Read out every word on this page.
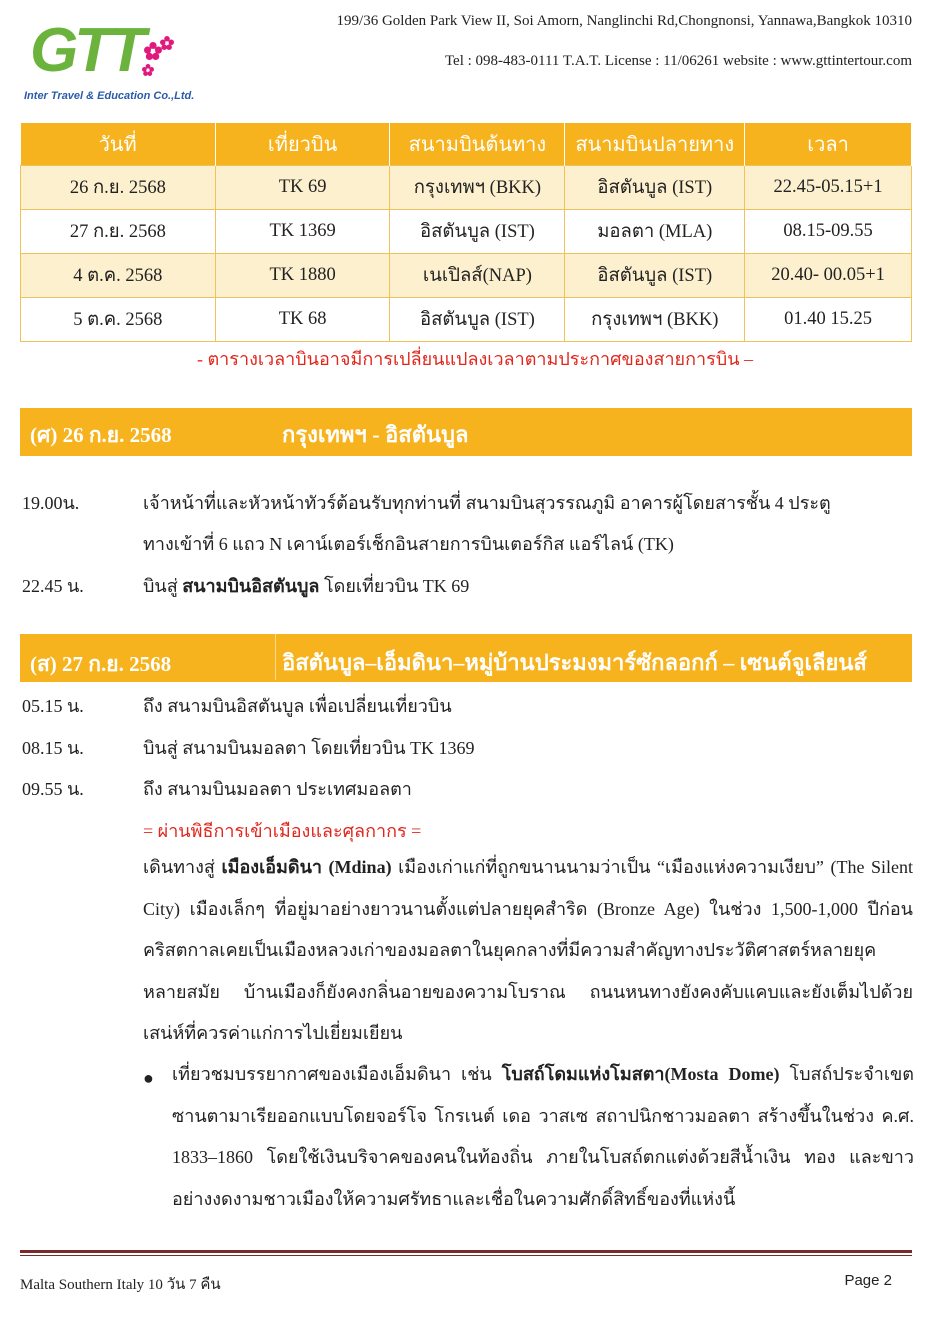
GTT
Inter Travel & Education Co.,Ltd.
199/36 Golden Park View II, Soi Amorn, Nanglinchi Rd,Chongnonsi, Yannawa,Bangkok 10310
Tel : 098-483-0111 T.A.T. License : 11/06261 website : www.gttintertour.com
วันที่	เที่ยวบิน	สนามบินต้นทาง	สนามบินปลายทาง	เวลา
26 ก.ย. 2568	TK 69	กรุงเทพฯ (BKK)	อิสตันบูล (IST)	22.45-05.15+1
27 ก.ย. 2568	TK 1369	อิสตันบูล (IST)	มอลตา (MLA)	08.15-09.55
4 ต.ค. 2568	TK 1880	เนเปิลส์(NAP)	อิสตันบูล (IST)	20.40- 00.05+1
5 ต.ค. 2568	TK 68	อิสตันบูล (IST)	กรุงเทพฯ (BKK)	01.40 15.25
- ตารางเวลาบินอาจมีการเปลี่ยนแปลงเวลาตามประกาศของสายการบิน –
(ศ) 26 ก.ย. 2568	กรุงเทพฯ - อิสตันบูล
19.00น.	เจ้าหน้าที่และหัวหน้าทัวร์ต้อนรับทุกท่านที่ สนามบินสุวรรณภูมิ อาคารผู้โดยสารชั้น 4 ประตู
ทางเข้าที่ 6 แถว N เคาน์เตอร์เช็กอินสายการบินเตอร์กิส แอร์ไลน์ (TK)
22.45 น.	บินสู่ สนามบินอิสตันบูล โดยเที่ยวบิน TK 69
(ส) 27 ก.ย. 2568	อิสตันบูล–เอ็มดินา–หมู่บ้านประมงมาร์ซักลอกก์ – เซนต์จูเลียนส์
05.15 น.	ถึง สนามบินอิสตันบูล เพื่อเปลี่ยนเที่ยวบิน
08.15 น.	บินสู่ สนามบินมอลตา โดยเที่ยวบิน TK 1369
09.55 น.	ถึง สนามบินมอลตา ประเทศมอลตา
= ผ่านพิธีการเข้าเมืองและศุลกากร =
เดินทางสู่ เมืองเอ็มดินา (Mdina) เมืองเก่าแก่ที่ถูกขนานนามว่าเป็น “เมืองแห่งความเงียบ” (The Silent City) เมืองเล็กๆ ที่อยู่มาอย่างยาวนานตั้งแต่ปลายยุคสำริด (Bronze Age) ในช่วง 1,500-1,000 ปีก่อนคริสตกาลเคยเป็นเมืองหลวงเก่าของมอลตาในยุคกลางที่มีความสำคัญทางประวัติศาสตร์หลายยุคหลายสมัย บ้านเมืองก็ยังคงกลิ่นอายของความโบราณ ถนนหนทางยังคงคับแคบและยังเต็มไปด้วยเสน่ห์ที่ควรค่าแก่การไปเยี่ยมเยียน
● เที่ยวชมบรรยากาศของเมืองเอ็มดินา เช่น โบสถ์โดมแห่งโมสตา(Mosta Dome) โบสถ์ประจำเขตซานตามาเรียออกแบบโดยจอร์โจ โกรเนต์ เดอ วาสเซ สถาปนิกชาวมอลตา สร้างขึ้นในช่วง ค.ศ. 1833–1860 โดยใช้เงินบริจาคของคนในท้องถิ่น ภายในโบสถ์ตกแต่งด้วยสีน้ำเงิน ทอง และขาวอย่างงดงามชาวเมืองให้ความศรัทธาและเชื่อในความศักดิ์สิทธิ์ของที่แห่งนี้
Malta Southern Italy 10 วัน 7 คืน	Page 2
